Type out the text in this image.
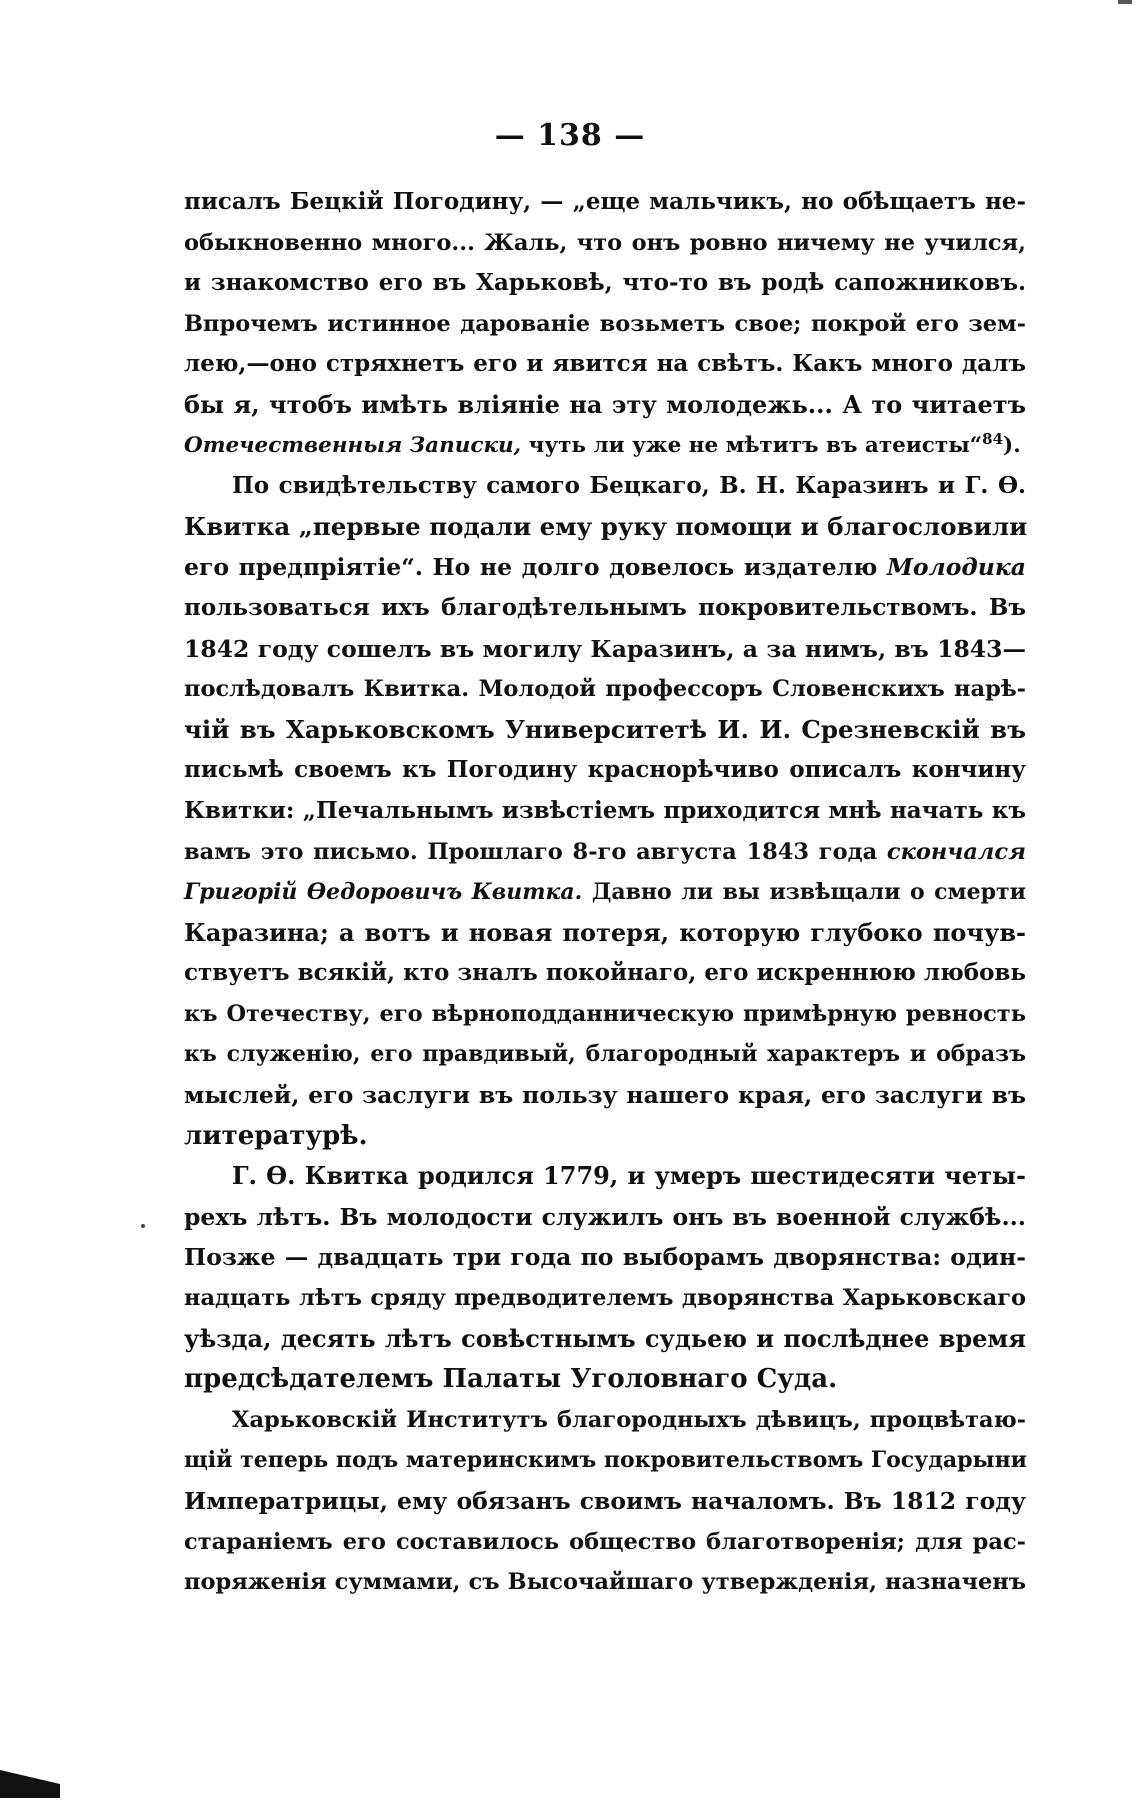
— 138 —
писалъ Бецкій Погодину, — „еще мальчикъ, но обѣщаетъ не-
обыкновенно много... Жаль, что онъ ровно ничему не учился,
и знакомство его въ Харьковѣ, что-то въ родѣ сапожниковъ.
Впрочемъ истинное дарованіе возьметъ свое; покрой его зем-
лею,—оно стряхнетъ его и явится на свѣтъ. Какъ много далъ
бы я, чтобъ имѣть вліяніе на эту молодежь... А то читаетъ
Отечественныя Записки, чуть ли уже не мѣтитъ въ атеисты“$^{84}$).
По свидѣтельству самого Бецкаго, В. Н. Каразинъ и Г. Ѳ.
Квитка „первые подали ему руку помощи и благословили
его предпріятіе“. Но не долго довелось издателю Молодика
пользоваться ихъ благодѣтельнымъ покровительствомъ. Въ
1842 году сошелъ въ могилу Каразинъ, а за нимъ, въ 1843—
послѣдовалъ Квитка. Молодой профессоръ Словенскихъ нарѣ-
чій въ Харьковскомъ Университетѣ И. И. Срезневскій въ
письмѣ своемъ къ Погодину краснорѣчиво описалъ кончину
Квитки: „Печальнымъ извѣстіемъ приходится мнѣ начать къ
вамъ это письмо. Прошлаго 8-го августа 1843 года скончался
Григорій Ѳедоровичъ Квитка. Давно ли вы извѣщали о смерти
Каразина; а вотъ и новая потеря, которую глубоко почув-
ствуетъ всякій, кто зналъ покойнаго, его искреннюю любовь
къ Отечеству, его вѣрноподданническую примѣрную ревность
къ служенію, его правдивый, благородный характеръ и образъ
мыслей, его заслуги въ пользу нашего края, его заслуги въ
литературѣ.
Г. Ѳ. Квитка родился 1779, и умеръ шестидесяти четы-
рехъ лѣтъ. Въ молодости служилъ онъ въ военной службѣ...
Позже — двадцать три года по выборамъ дворянства: один-
надцать лѣтъ сряду предводителемъ дворянства Харьковскаго
уѣзда, десять лѣтъ совѣстнымъ судьею и послѣднее время
предсѣдателемъ Палаты Уголовнаго Суда.
Харьковскій Институтъ благородныхъ дѣвицъ, процвѣтаю-
щій теперь подъ материнскимъ покровительствомъ Государыни
Императрицы, ему обязанъ своимъ началомъ. Въ 1812 году
стараніемъ его составилось общество благотворенія; для рас-
поряженія суммами, съ Высочайшаго утвержденія, назначенъ
